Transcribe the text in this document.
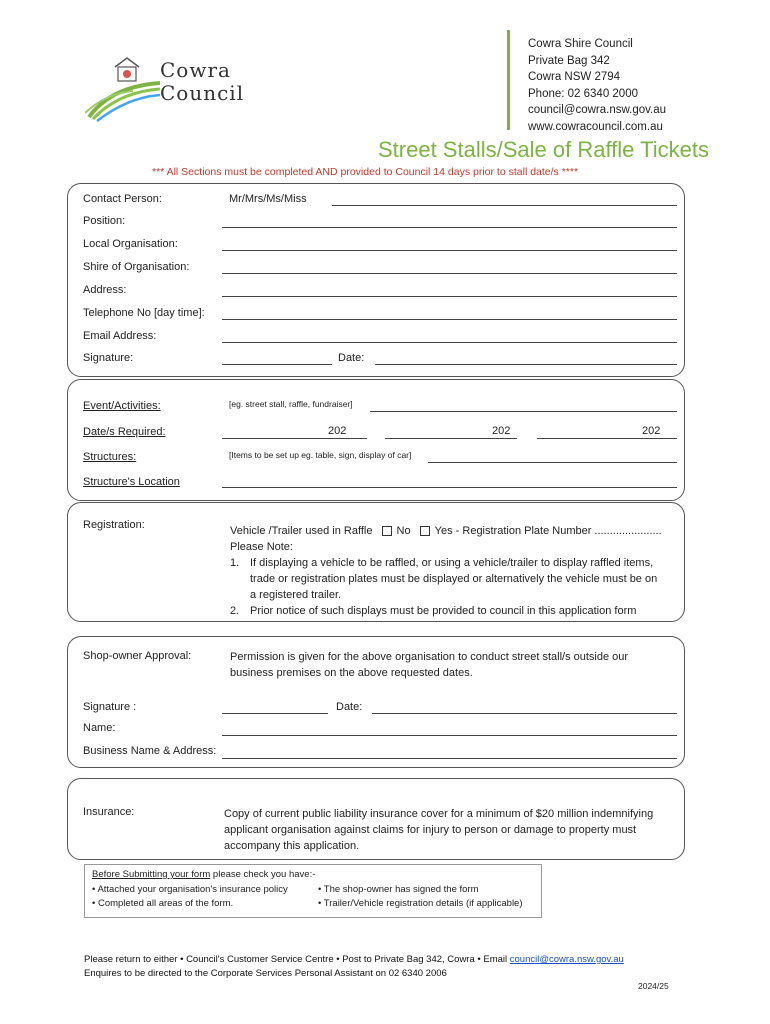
Cowra
Council
Cowra Shire Council
Private Bag 342
Cowra NSW 2794
Phone: 02 6340 2000
council@cowra.nsw.gov.au
www.cowracouncil.com.au
Street Stalls/Sale of Raffle Tickets
*** All Sections must be completed AND provided to Council 14 days prior to stall date/s ****
Contact Person:	Mr/Mrs/Ms/Miss
Position:
Local Organisation:
Shire of Organisation:
Address:
Telephone No [day time]:
Email Address:
Signature:	Date:
Event/Activities:	[eg. street stall, raffle, fundraiser]
Date/s Required:	202	202	202
Structures:	[Items to be set up eg. table, sign, display of car]
Structure's Location
Registration:	Vehicle /Trailer used in Raffle No Yes - Registration Plate Number ......................
Please Note:
1. If displaying a vehicle to be raffled, or using a vehicle/trailer to display raffled items,
trade or registration plates must be displayed or alternatively the vehicle must be on
a registered trailer.
2. Prior notice of such displays must be provided to council in this application form
Shop-owner Approval:	Permission is given for the above organisation to conduct street stall/s outside our
business premises on the above requested dates.
Signature :	Date:
Name:
Business Name & Address:
Insurance:	Copy of current public liability insurance cover for a minimum of $20 million indemnifying
applicant organisation against claims for injury to person or damage to property must
accompany this application.
Before Submitting your form please check you have:-
• Attached your organisation's insurance policy	• The shop-owner has signed the form
• Completed all areas of the form.	• Trailer/Vehicle registration details (if applicable)
Please return to either • Council's Customer Service Centre • Post to Private Bag 342, Cowra • Email council@cowra.nsw.gov.au
Enquires to be directed to the Corporate Services Personal Assistant on 02 6340 2006
2024/25
